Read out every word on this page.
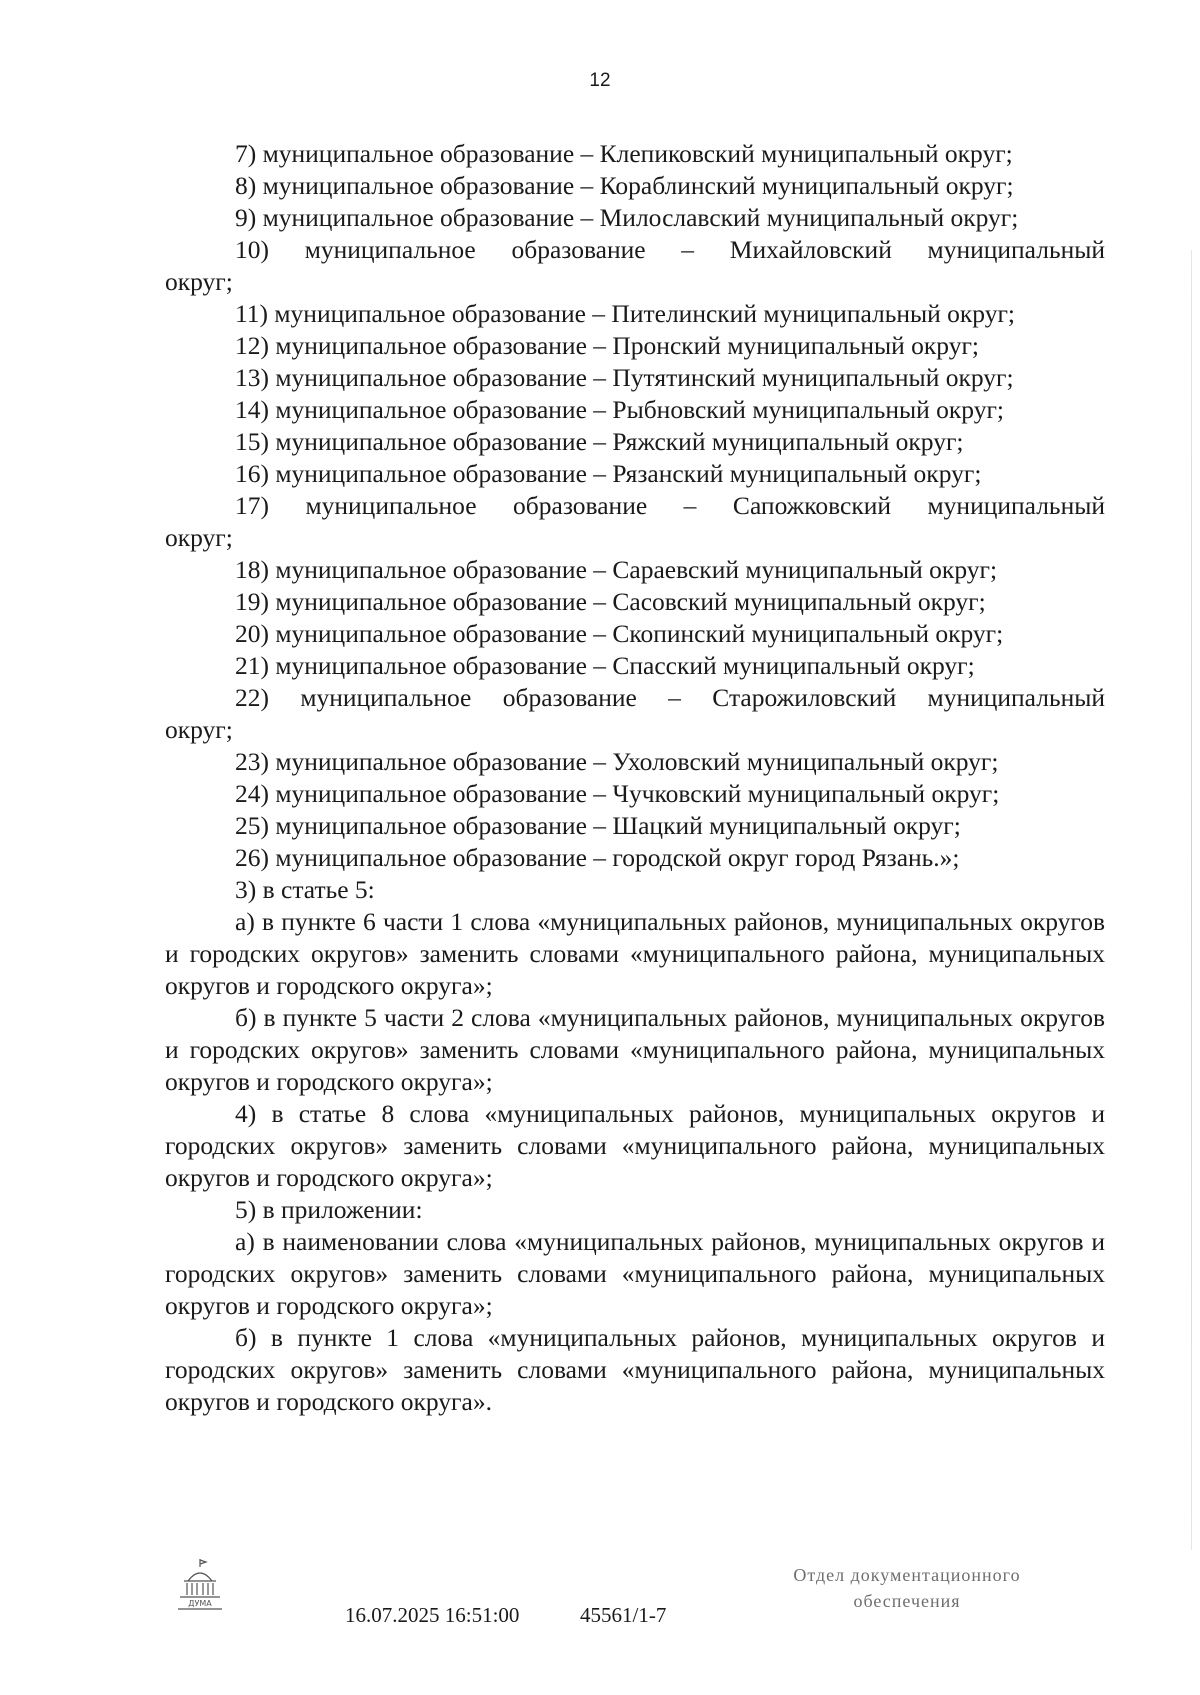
12

7) муниципальное образование – Клепиковский муниципальный округ;

8) муниципальное образование – Кораблинский муниципальный округ;

9) муниципальное образование – Милославский муниципальный округ;

10) муниципальное образование – Михайловский муниципальный

округ;

11) муниципальное образование – Пителинский муниципальный округ;

12) муниципальное образование – Пронский муниципальный округ;

13) муниципальное образование – Путятинский муниципальный округ;

14) муниципальное образование – Рыбновский муниципальный округ;

15) муниципальное образование – Ряжский муниципальный округ;

16) муниципальное образование – Рязанский муниципальный округ;

17) муниципальное образование – Сапожковский муниципальный

округ;

18) муниципальное образование – Сараевский муниципальный округ;

19) муниципальное образование – Сасовский муниципальный округ;

20) муниципальное образование – Скопинский муниципальный округ;

21) муниципальное образование – Спасский муниципальный округ;

22) муниципальное образование – Старожиловский муниципальный

округ;

23) муниципальное образование – Ухоловский муниципальный округ;

24) муниципальное образование – Чучковский муниципальный округ;

25) муниципальное образование – Шацкий муниципальный округ;

26) муниципальное образование – городской округ город Рязань.»;

3) в статье 5:

а) в пункте 6 части 1 слова «муниципальных районов, муниципальных округов и городских округов» заменить словами «муниципального района, муниципальных округов и городского округа»;

б) в пункте 5 части 2 слова «муниципальных районов, муниципальных округов и городских округов» заменить словами «муниципального района, муниципальных округов и городского округа»;

4) в статье 8 слова «муниципальных районов, муниципальных округов и городских округов» заменить словами «муниципального района, муниципальных округов и городского округа»;

5) в приложении:

а) в наименовании слова «муниципальных районов, муниципальных округов и городских округов» заменить словами «муниципального района, муниципальных округов и городского округа»;

б) в пункте 1 слова «муниципальных районов, муниципальных округов и городских округов» заменить словами «муниципального района, муниципальных округов и городского округа».

ДУМА	16.07.2025 16:51:00	45561/1-7
Отдел документационного
обеспечения
